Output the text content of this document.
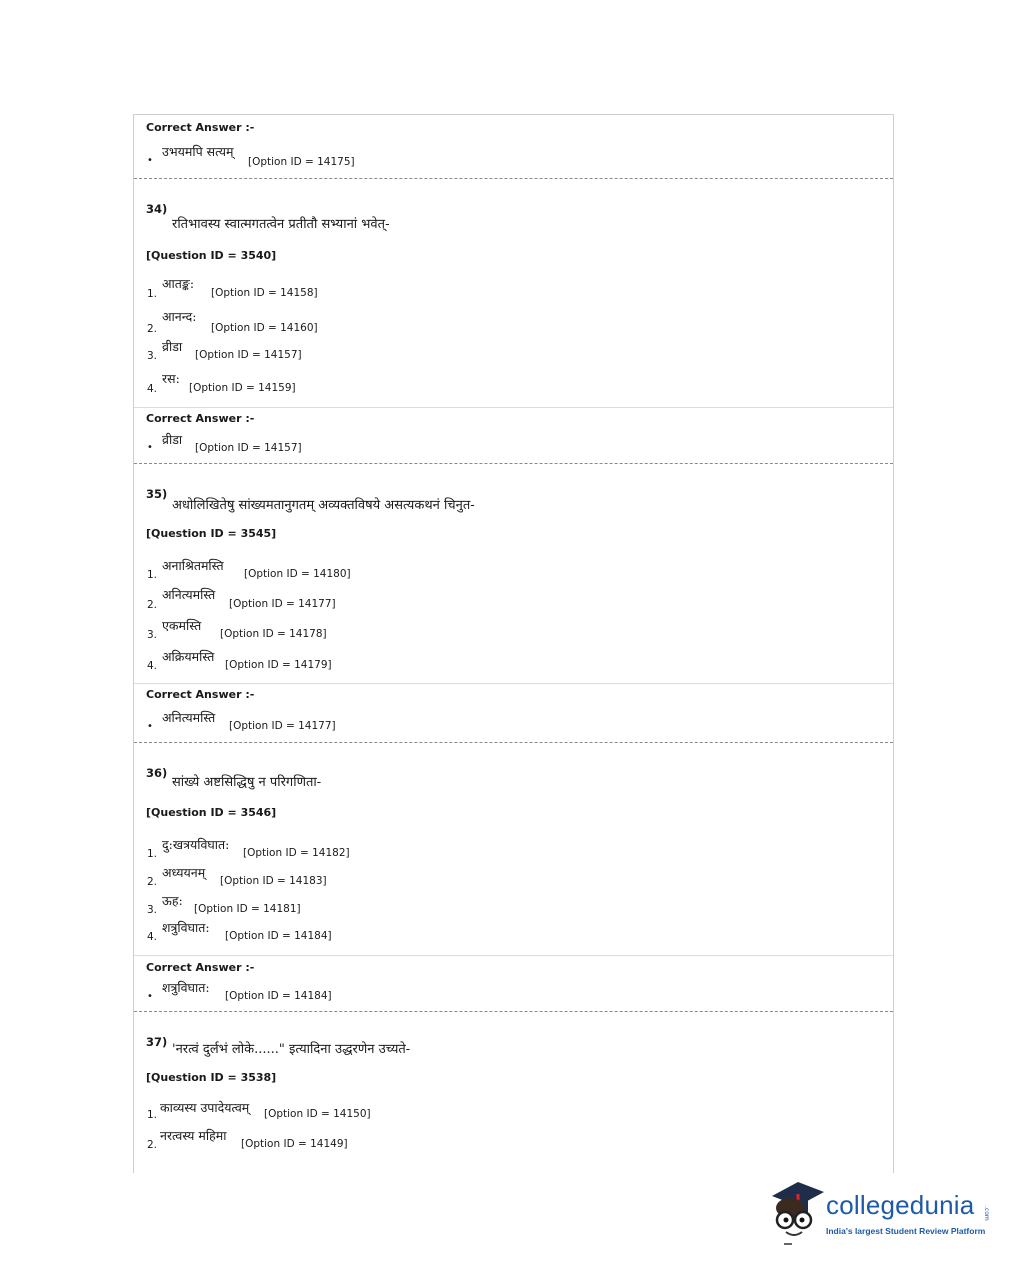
Correct Answer :-
•
उभयमपि सत्यम्
[Option ID = 14175]
34)
रतिभावस्य स्वात्मगतत्वेन प्रतीतौ सभ्यानां भवेत्-
[Question ID = 3540]
1.
आतङ्क:
[Option ID = 14158]
2.
आनन्द:
[Option ID = 14160]
3.
व्रीडा
[Option ID = 14157]
4.
रस:
[Option ID = 14159]
Correct Answer :-
•
व्रीडा
[Option ID = 14157]
35)
अधोलिखितेषु सांख्यमतानुगतम् अव्यक्तविषये असत्यकथनं चिनुत-
[Question ID = 3545]
1.
अनाश्रितमस्ति
[Option ID = 14180]
2.
अनित्यमस्ति
[Option ID = 14177]
3.
एकमस्ति
[Option ID = 14178]
4.
अक्रियमस्ति
[Option ID = 14179]
Correct Answer :-
•
अनित्यमस्ति
[Option ID = 14177]
36)
सांख्ये अष्टसिद्धिषु न परिगणिता-
[Question ID = 3546]
1.
दु:खत्रयविघात:
[Option ID = 14182]
2.
अध्ययनम्
[Option ID = 14183]
3.
ऊह:
[Option ID = 14181]
4.
शत्रुविघात:
[Option ID = 14184]
Correct Answer :-
•
शत्रुविघात:
[Option ID = 14184]
37) 'नरत्वं दुर्लभं लोके......" इत्यादिना उद्धरणेन उच्यते-
[Question ID = 3538]
1. काव्यस्य उपादेयत्वम् [Option ID = 14150]
2.
नरत्वस्य महिमा
[Option ID = 14149]
collegedunia .com
India's largest Student Review Platform
